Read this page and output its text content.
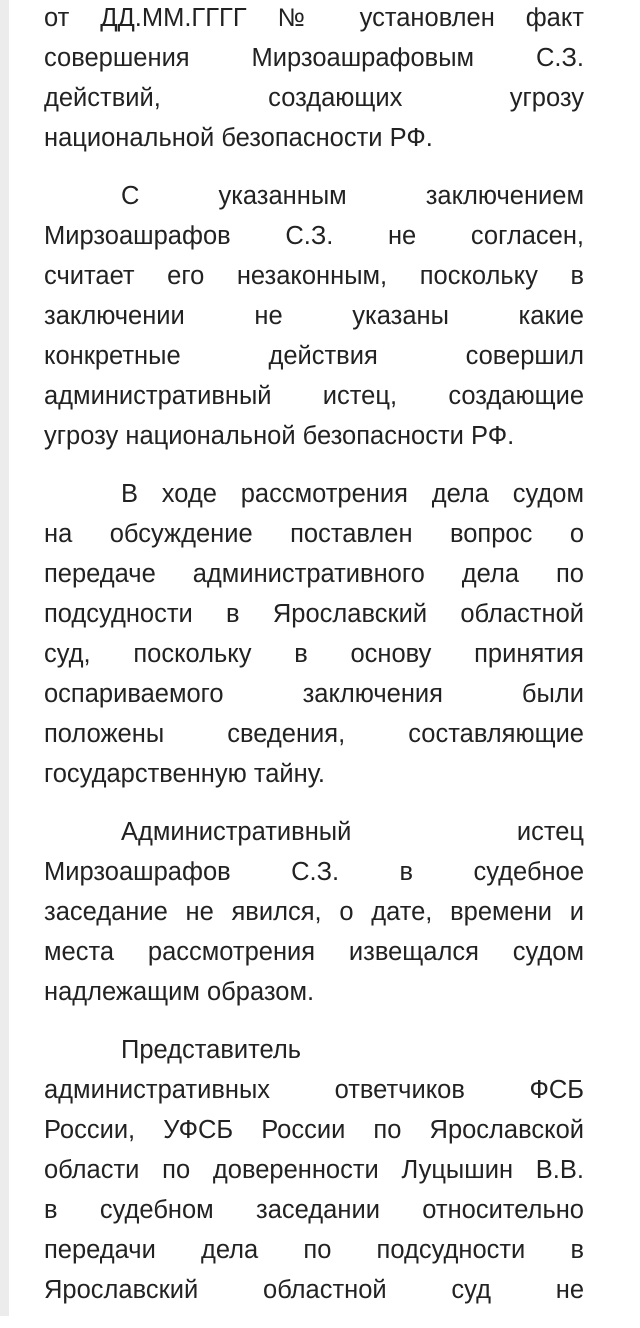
от ДД.ММ.ГГГГ № установлен факт
совершения Мирзоашрафовым С.З.
действий, создающих угрозу
национальной безопасности РФ.
С указанным заключением
Мирзоашрафов С.З. не согласен,
считает его незаконным, поскольку в
заключении не указаны какие
конкретные действия совершил
административный истец, создающие
угрозу национальной безопасности РФ.
В ходе рассмотрения дела судом
на обсуждение поставлен вопрос о
передаче административного дела по
подсудности в Ярославский областной
суд, поскольку в основу принятия
оспариваемого заключения были
положены сведения, составляющие
государственную тайну.
Административный истец
Мирзоашрафов С.З. в судебное
заседание не явился, о дате, времени и
места рассмотрения извещался судом
надлежащим образом.
Представитель
административных ответчиков ФСБ
России, УФСБ России по Ярославской
области по доверенности Луцышин В.В.
в судебном заседании относительно
передачи дела по подсудности в
Ярославский областной суд не
